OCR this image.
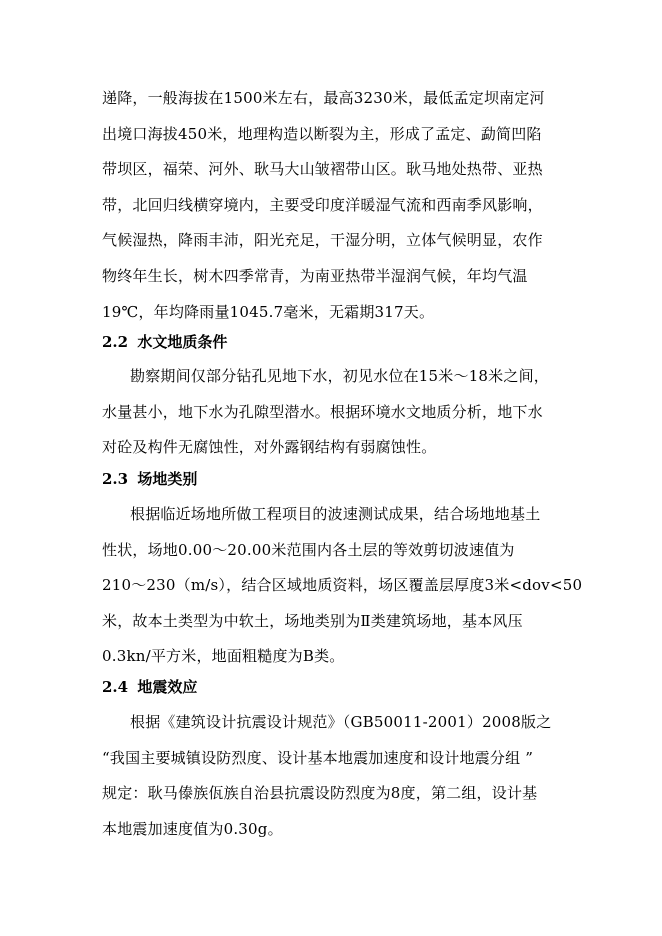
递降，一般海拔在1500米左右，最高3230米，最低孟定坝南定河
出境口海拔450米，地理构造以断裂为主，形成了孟定、勐简凹陷
带坝区，福荣、河外、耿马大山皱褶带山区。耿马地处热带、亚热
带，北回归线横穿境内，主要受印度洋暖湿气流和西南季风影响，
气候湿热，降雨丰沛，阳光充足，干湿分明，立体气候明显，农作
物终年生长，树木四季常青，为南亚热带半湿润气候，年均气温
19℃，年均降雨量1045.7毫米，无霜期317天。
2.2 水文地质条件
勘察期间仅部分钻孔见地下水，初见水位在15米～18米之间，
水量甚小，地下水为孔隙型潜水。根据环境水文地质分析，地下水
对砼及构件无腐蚀性，对外露钢结构有弱腐蚀性。
2.3 场地类别
根据临近场地所做工程项目的波速测试成果，结合场地地基土
性状，场地0.00～20.00米范围内各土层的等效剪切波速值为
210～230（m/s），结合区域地质资料，场区覆盖层厚度3米<dov<50
米，故本土类型为中软土，场地类别为Ⅱ类建筑场地，基本风压
0.3kn/平方米，地面粗糙度为B类。
2.4 地震效应
根据《建筑设计抗震设计规范》（GB50011-2001）2008版之
“我国主要城镇设防烈度、设计基本地震加速度和设计地震分组 ”
规定：耿马傣族佤族自治县抗震设防烈度为8度，第二组，设计基
本地震加速度值为0.30g。
